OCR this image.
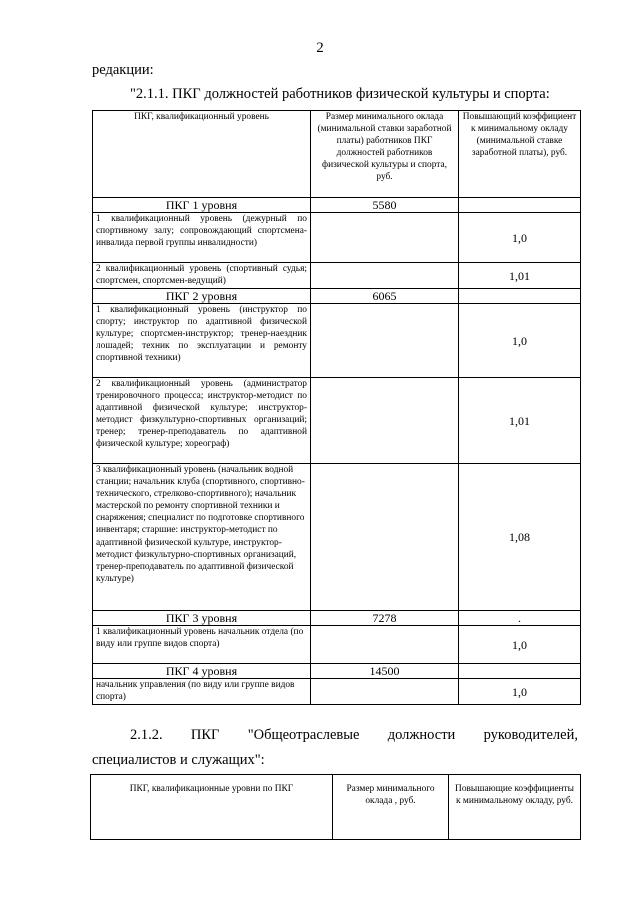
2
редакции:
"2.1.1. ПКГ должностей работников физической культуры и спорта:
ПКГ, квалификационный уровень	Размер минимального оклада (минимальной ставки заработной платы) работников ПКГ должностей работников физической культуры и спорта, руб.	Повышающий коэффициент к минимальному окладу (минимальной ставке заработной платы), руб.
ПКГ 1 уровня	5580	
1 квалификационный уровень (дежурный по спортивному залу; сопровождающий спортсмена-инвалида первой группы инвалидности)		1,0
2 квалификационный уровень (спортивный судья; спортсмен, спортсмен-ведущий)		1,01
ПКГ 2 уровня	6065	
1 квалификационный уровень (инструктор по спорту; инструктор по адаптивной физической культуре; спортсмен-инструктор; тренер-наездник лошадей; техник по эксплуатации и ремонту спортивной техники)		1,0
2 квалификационный уровень (администратор тренировочного процесса; инструктор-методист по адаптивной физической культуре; инструктор-методист физкультурно-спортивных организаций; тренер; тренер-преподаватель по адаптивной физической культуре; хореограф)		1,01
3 квалификационный уровень (начальник водной станции; начальник клуба (спортивного, спортивно-технического, стрелково-спортивного); начальник мастерской по ремонту спортивной техники и снаряжения; специалист по подготовке спортивного инвентаря; старшие: инструктор-методист по адаптивной физической культуре, инструктор-методист физкультурно-спортивных организаций, тренер-преподаватель по адаптивной физической культуре)		1,08
ПКГ 3 уровня	7278	.
1 квалификационный уровень начальник отдела (по виду или группе видов спорта)		1,0
ПКГ 4 уровня	14500	
начальник управления (по виду или группе видов спорта)		1,0
2.1.2. ПКГ "Общеотраслевые должности руководителей,
специалистов и служащих":
ПКГ, квалификационные уровни по ПКГ	Размер минимального оклада , руб.	Повышающие коэффициенты к минимальному окладу, руб.
